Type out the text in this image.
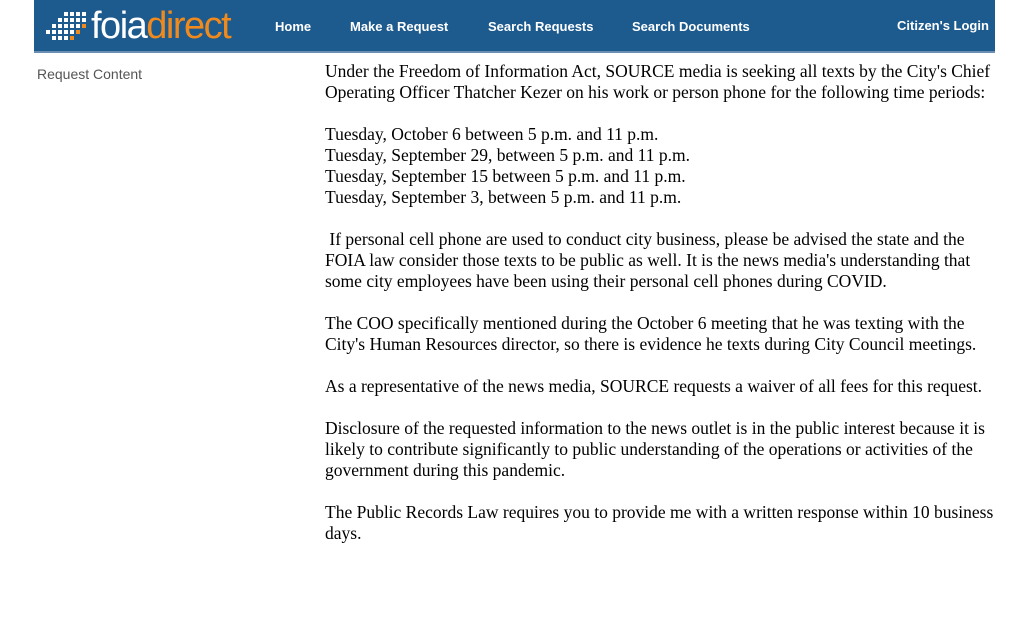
foiadirect	Home	Make a Request	Search Requests	Search Documents	Citizen's Login
Request Content	Under the Freedom of Information Act, SOURCE media is seeking all texts by the City's Chief Operating Officer Thatcher Kezer on his work or person phone for the following time periods:

Tuesday, October 6 between 5 p.m. and 11 p.m.
Tuesday, September 29, between 5 p.m. and 11 p.m.
Tuesday, September 15 between 5 p.m. and 11 p.m.
Tuesday, September 3, between 5 p.m. and 11 p.m.

If personal cell phone are used to conduct city business, please be advised the state and the FOIA law consider those texts to be public as well. It is the news media's understanding that some city employees have been using their personal cell phones during COVID.

The COO specifically mentioned during the October 6 meeting that he was texting with the City's Human Resources director, so there is evidence he texts during City Council meetings.

As a representative of the news media, SOURCE requests a waiver of all fees for this request.

Disclosure of the requested information to the news outlet is in the public interest because it is likely to contribute significantly to public understanding of the operations or activities of the government during this pandemic.

The Public Records Law requires you to provide me with a written response within 10 business days.
